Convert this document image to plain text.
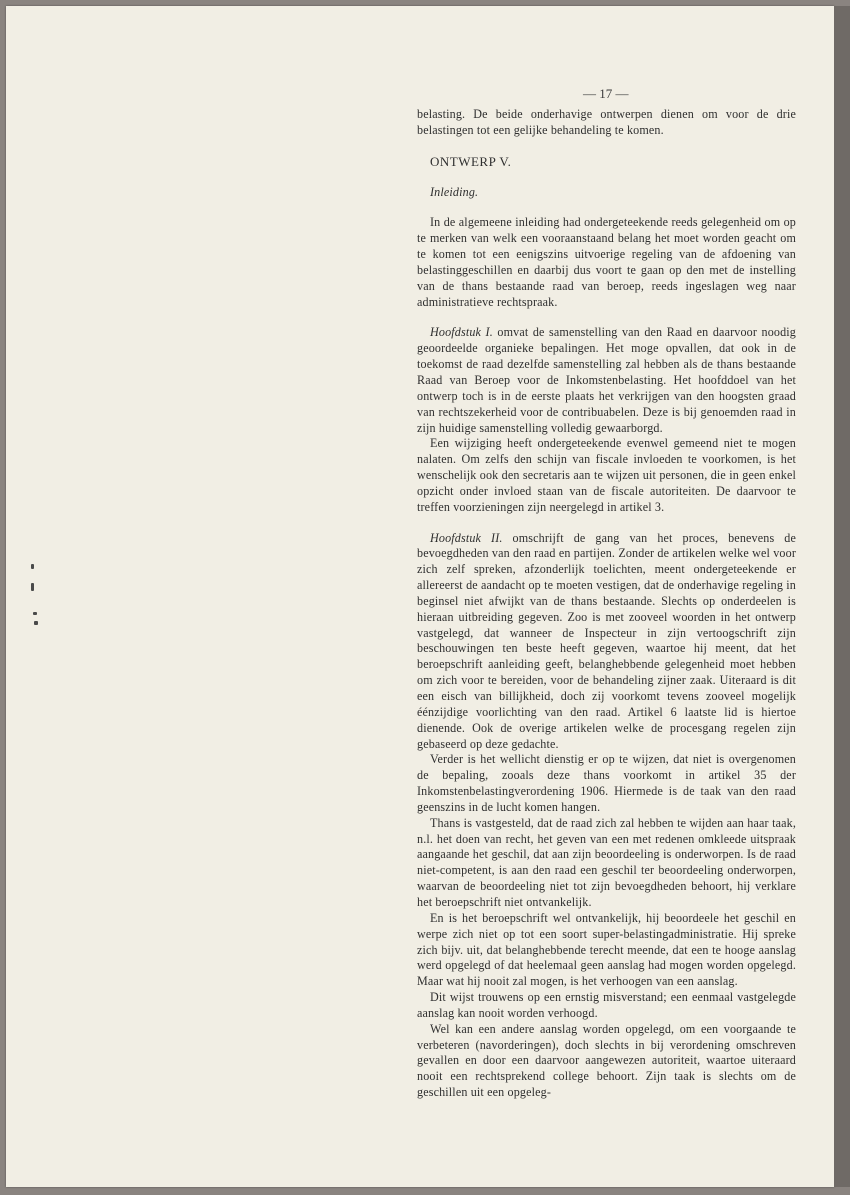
— 17 —

belasting. De beide onderhavige ontwerpen dienen om voor de drie belastingen tot een gelijke behandeling te komen.

ONTWERP V.

Inleiding.

In de algemeene inleiding had ondergeteekende reeds gelegenheid om op te merken van welk een vooraanstaand belang het moet worden geacht om te komen tot een eenigszins uitvoerige regeling van de afdoening van belastinggeschillen en daarbij dus voort te gaan op den met de instelling van de thans bestaande raad van beroep, reeds ingeslagen weg naar administratieve rechtspraak.

Hoofdstuk I. omvat de samenstelling van den Raad en daarvoor noodig geoordeelde organieke bepalingen. Het moge opvallen, dat ook in de toekomst de raad dezelfde samenstelling zal hebben als de thans bestaande Raad van Beroep voor de Inkomstenbelasting. Het hoofddoel van het ontwerp toch is in de eerste plaats het verkrijgen van den hoogsten graad van rechtszekerheid voor de contribuabelen. Deze is bij genoemden raad in zijn huidige samenstelling volledig gewaarborgd.

Een wijziging heeft ondergeteekende evenwel gemeend niet te mogen nalaten. Om zelfs den schijn van fiscale invloeden te voorkomen, is het wenschelijk ook den secretaris aan te wijzen uit personen, die in geen enkel opzicht onder invloed staan van de fiscale autoriteiten. De daarvoor te treffen voorzieningen zijn neergelegd in artikel 3.

Hoofdstuk II. omschrijft de gang van het proces, benevens de bevoegdheden van den raad en partijen. Zonder de artikelen welke wel voor zich zelf spreken, afzonderlijk toelichten, meent ondergeteekende er allereerst de aandacht op te moeten vestigen, dat de onderhavige regeling in beginsel niet afwijkt van de thans bestaande. Slechts op onderdeelen is hieraan uitbreiding gegeven. Zoo is met zooveel woorden in het ontwerp vastgelegd, dat wanneer de Inspecteur in zijn vertoogschrift zijn beschouwingen ten beste heeft gegeven, waartoe hij meent, dat het beroepschrift aanleiding geeft, belanghebbende gelegenheid moet hebben om zich voor te bereiden, voor de behandeling zijner zaak. Uiteraard is dit een eisch van billijkheid, doch zij voorkomt tevens zooveel mogelijk éénzijdige voorlichting van den raad. Artikel 6 laatste lid is hiertoe dienende. Ook de overige artikelen welke de procesgang regelen zijn gebaseerd op deze gedachte.

Verder is het wellicht dienstig er op te wijzen, dat niet is overgenomen de bepaling, zooals deze thans voorkomt in artikel 35 der Inkomstenbelastingverordening 1906. Hiermede is de taak van den raad geenszins in de lucht komen hangen.

Thans is vastgesteld, dat de raad zich zal hebben te wijden aan haar taak, n.l. het doen van recht, het geven van een met redenen omkleede uitspraak aangaande het geschil, dat aan zijn beoordeeling is onderworpen. Is de raad niet-competent, is aan den raad een geschil ter beoordeeling onderworpen, waarvan de beoordeeling niet tot zijn bevoegdheden behoort, hij verklare het beroepschrift niet ontvankelijk.

En is het beroepschrift wel ontvankelijk, hij beoordeele het geschil en werpe zich niet op tot een soort super-belastingadministratie. Hij spreke zich bijv. uit, dat belanghebbende terecht meende, dat een te hooge aanslag werd opgelegd of dat heelemaal geen aanslag had mogen worden opgelegd. Maar wat hij nooit zal mogen, is het verhoogen van een aanslag.

Dit wijst trouwens op een ernstig misverstand; een eenmaal vastgelegde aanslag kan nooit worden verhoogd.

Wel kan een andere aanslag worden opgelegd, om een voorgaande te verbeteren (navorderingen), doch slechts in bij verordening omschreven gevallen en door een daarvoor aangewezen autoriteit, waartoe uiteraard nooit een rechtsprekend college behoort. Zijn taak is slechts om de geschillen uit een opgeleg-
